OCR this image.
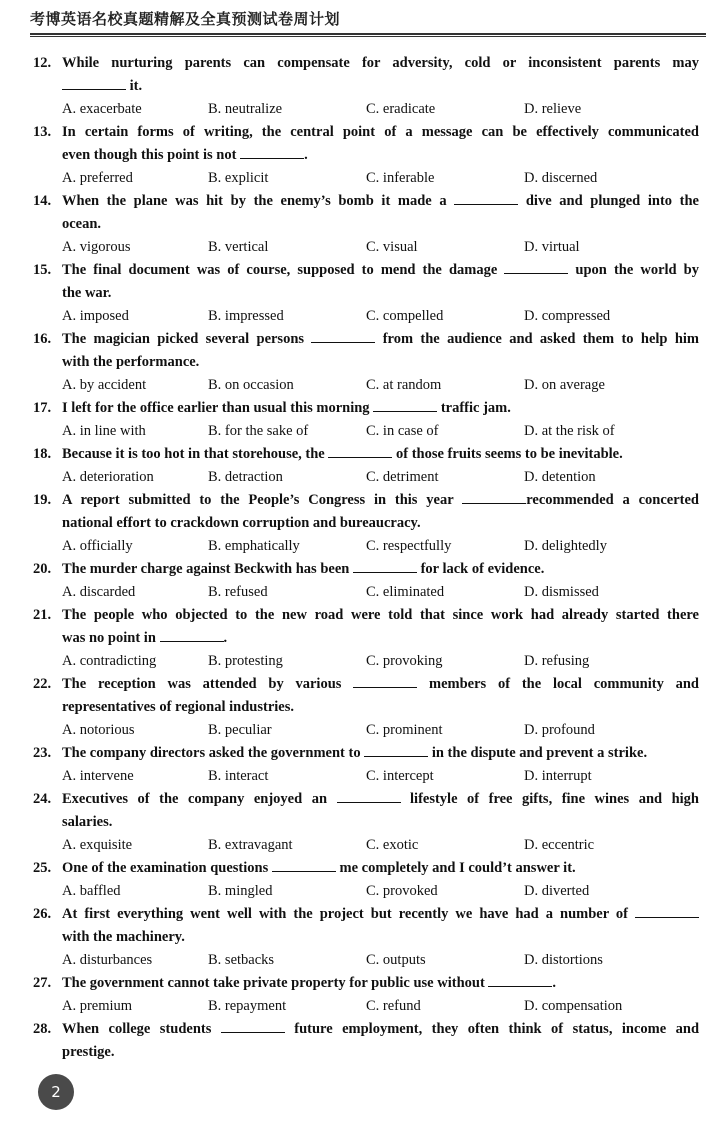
考博英语名校真题精解及全真预测试卷周计划
12. While nurturing parents can compensate for adversity, cold or inconsistent parents may
it.
A. exacerbate	B. neutralize	C. eradicate	D. relieve
13. In certain forms of writing, the central point of a message can be effectively communicated
even though this point is not	.
A. preferred	B. explicit	C. inferable	D. discerned
14. When the plane was hit by the enemy’s bomb it made a	dive and plunged into the
ocean.
A. vigorous	B. vertical	C. visual	D. virtual
15. The final document was of course, supposed to mend the damage	upon the world by
the war.
A. imposed	B. impressed	C. compelled	D. compressed
16. The magician picked several persons	from the audience and asked them to help him
with the performance.
A. by accident	B. on occasion	C. at random	D. on average
17. I left for the office earlier than usual this morning	traffic jam.
A. in line with	B. for the sake of	C. in case of	D. at the risk of
18. Because it is too hot in that storehouse, the	of those fruits seems to be inevitable.
A. deterioration	B. detraction	C. detriment	D. detention
19. A report submitted to the People’s Congress in this year	recommended a concerted
national effort to crackdown corruption and bureaucracy.
A. officially	B. emphatically	C. respectfully	D. delightedly
20. The murder charge against Beckwith has been	for lack of evidence.
A. discarded	B. refused	C. eliminated	D. dismissed
21. The people who objected to the new road were told that since work had already started there
was no point in	.
A. contradicting	B. protesting	C. provoking	D. refusing
22. The reception was attended by various	members of the local community and
representatives of regional industries.
A. notorious	B. peculiar	C. prominent	D. profound
23. The company directors asked the government to	in the dispute and prevent a strike.
A. intervene	B. interact	C. intercept	D. interrupt
24. Executives of the company enjoyed an	lifestyle of free gifts, fine wines and high
salaries.
A. exquisite	B. extravagant	C. exotic	D. eccentric
25. One of the examination questions	me completely and I could’t answer it.
A. baffled	B. mingled	C. provoked	D. diverted
26. At first everything went well with the project but recently we have had a number of
with the machinery.
A. disturbances	B. setbacks	C. outputs	D. distortions
27. The government cannot take private property for public use without	.
A. premium	B. repayment	C. refund	D. compensation
28. When college students	future employment, they often think of status, income and
prestige.
2
